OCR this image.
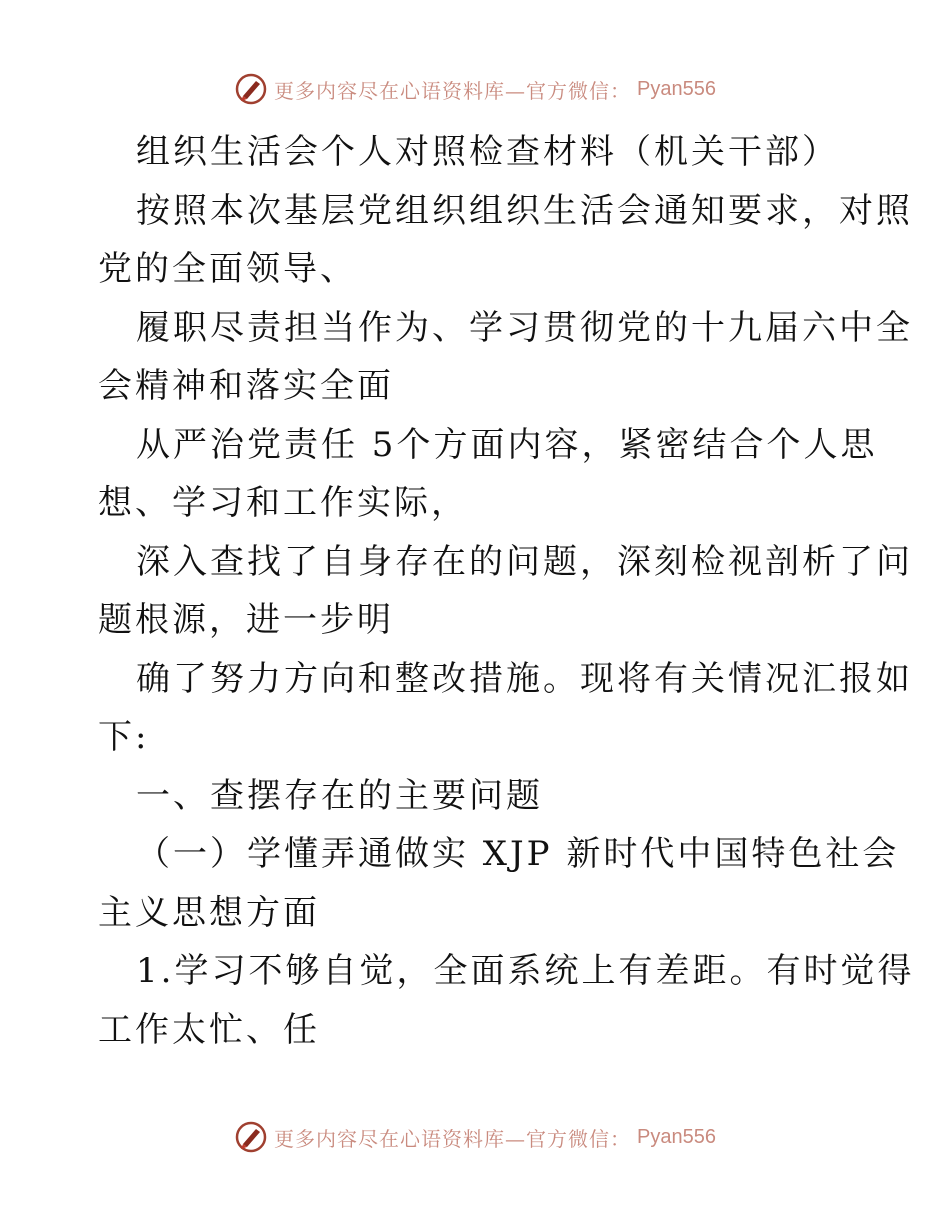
更多内容尽在心语资料库—官方微信： Pyan556
组织生活会个人对照检查材料（机关干部）
按照本次基层党组织组织生活会通知要求，对照
党的全面领导、
履职尽责担当作为、学习贯彻党的十九届六中全
会精神和落实全面
从严治党责任 5个方面内容，紧密结合个人思
想、学习和工作实际，
深入查找了自身存在的问题，深刻检视剖析了问
题根源，进一步明
确了努力方向和整改措施。现将有关情况汇报如
下:
一、查摆存在的主要问题
（一）学懂弄通做实 XJP 新时代中国特色社会
主义思想方面
1.学习不够自觉，全面系统上有差距。有时觉得
工作太忙、任
更多内容尽在心语资料库—官方微信： Pyan556
